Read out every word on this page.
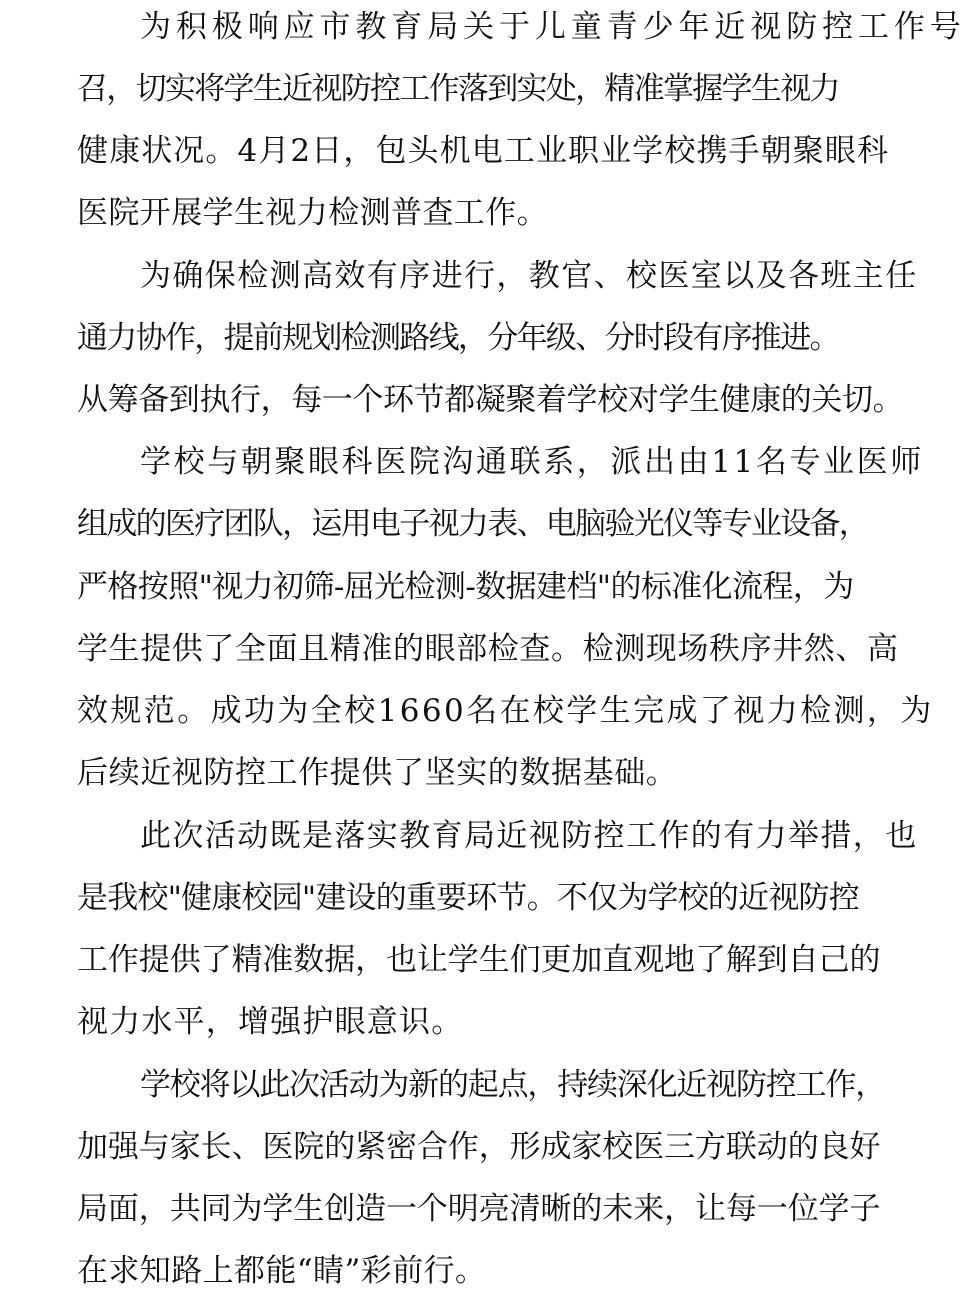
为积极响应市教育局关于儿童青少年近视防控工作号
召，切实将学生近视防控工作落到实处，精准掌握学生视力
健康状况。4月2日，包头机电工业职业学校携手朝聚眼科
医院开展学生视力检测普查工作。
为确保检测高效有序进行，教官、校医室以及各班主任
通力协作，提前规划检测路线，分年级、分时段有序推进。
从筹备到执行，每一个环节都凝聚着学校对学生健康的关切。
学校与朝聚眼科医院沟通联系，派出由11名专业医师
组成的医疗团队，运用电子视力表、电脑验光仪等专业设备，
严格按照"视力初筛-屈光检测-数据建档"的标准化流程，为
学生提供了全面且精准的眼部检查。检测现场秩序井然、高
效规范。成功为全校1660名在校学生完成了视力检测，为
后续近视防控工作提供了坚实的数据基础。
此次活动既是落实教育局近视防控工作的有力举措，也
是我校"健康校园"建设的重要环节。不仅为学校的近视防控
工作提供了精准数据，也让学生们更加直观地了解到自己的
视力水平，增强护眼意识。
学校将以此次活动为新的起点，持续深化近视防控工作，
加强与家长、医院的紧密合作，形成家校医三方联动的良好
局面，共同为学生创造一个明亮清晰的未来，让每一位学子
在求知路上都能“睛”彩前行。
